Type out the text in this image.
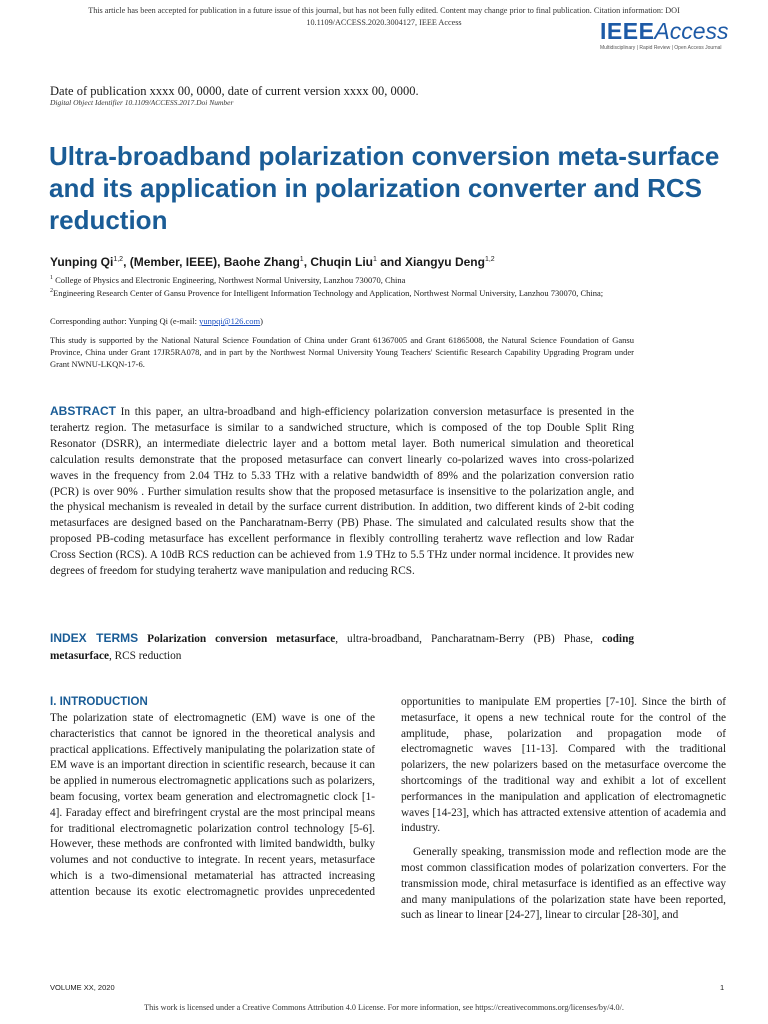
This article has been accepted for publication in a future issue of this journal, but has not been fully edited. Content may change prior to final publication. Citation information: DOI
10.1109/ACCESS.2020.3004127, IEEE Access	IEEEAccess
Multidisciplinary | Rapid Review | Open Access Journal
Date of publication xxxx 00, 0000, date of current version xxxx 00, 0000.
Digital Object Identifier 10.1109/ACCESS.2017.Doi Number
Ultra-broadband polarization conversion meta-surface and its application in polarization converter and RCS reduction
Yunping Qi$^{1,2}$, (Member, IEEE), Baohe Zhang$^1$, Chuqin Liu$^1$ and Xiangyu Deng$^{1,2}$
$^1$ College of Physics and Electronic Engineering, Northwest Normal University, Lanzhou 730070, China
$^2$Engineering Research Center of Gansu Provence for Intelligent Information Technology and Application, Northwest Normal University, Lanzhou 730070, China;
Corresponding author: Yunping Qi (e-mail: yunpqi@126.com)
This study is supported by the National Natural Science Foundation of China under Grant 61367005 and Grant 61865008, the Natural Science Foundation of Gansu Province, China under Grant 17JR5RA078, and in part by the Northwest Normal University Young Teachers' Scientific Research Capability Upgrading Program under Grant NWNU-LKQN-17-6.

ABSTRACT In this paper, an ultra-broadband and high-efficiency polarization conversion metasurface is presented in the terahertz region. The metasurface is similar to a sandwiched structure, which is composed of the top Double Split Ring Resonator (DSRR), an intermediate dielectric layer and a bottom metal layer. Both numerical simulation and theoretical calculation results demonstrate that the proposed metasurface can convert linearly co-polarized waves into cross-polarized waves in the frequency from 2.04 THz to 5.33 THz with a relative bandwidth of 89% and the polarization conversion ratio (PCR) is over 90% . Further simulation results show that the proposed metasurface is insensitive to the polarization angle, and the physical mechanism is revealed in detail by the surface current distribution. In addition, two different kinds of 2-bit coding metasurfaces are designed based on the Pancharatnam-Berry (PB) Phase. The simulated and calculated results show that the proposed PB-coding metasurface has excellent performance in flexibly controlling terahertz wave reflection and low Radar Cross Section (RCS). A 10dB RCS reduction can be achieved from 1.9 THz to 5.5 THz under normal incidence. It provides new degrees of freedom for studying terahertz wave manipulation and reducing RCS.

INDEX TERMS Polarization conversion metasurface, ultra-broadband, Pancharatnam-Berry (PB) Phase, coding metasurface, RCS reduction

I. INTRODUCTION

The polarization state of electromagnetic (EM) wave is one of the characteristics that cannot be ignored in the theoretical analysis and practical applications. Effectively manipulating the polarization state of EM wave is an important direction in scientific research, because it can be applied in numerous electromagnetic applications such as polarizers, beam focusing, vortex beam generation and electromagnetic clock [1-4]. Faraday effect and birefringent crystal are the most principal means for traditional electromagnetic polarization control technology [5-6]. However, these methods are confronted with limited bandwidth, bulky volumes and not conductive to integrate. In recent years, metasurface which is a two-dimensional metamaterial has attracted increasing attention because its exotic electromagnetic provides unprecedented

opportunities to manipulate EM properties [7-10]. Since the birth of metasurface, it opens a new technical route for the control of the amplitude, phase, polarization and propagation mode of electromagnetic waves [11-13]. Compared with the traditional polarizers, the new polarizers based on the metasurface overcome the shortcomings of the traditional way and exhibit a lot of excellent performances in the manipulation and application of electromagnetic waves [14-23], which has attracted extensive attention of academia and industry.

Generally speaking, transmission mode and reflection mode are the most common classification modes of polarization converters. For the transmission mode, chiral metasurface is identified as an effective way and many manipulations of the polarization state have been reported, such as linear to linear [24-27], linear to circular [28-30], and

VOLUME XX, 2020	1
This work is licensed under a Creative Commons Attribution 4.0 License. For more information, see https://creativecommons.org/licenses/by/4.0/.
